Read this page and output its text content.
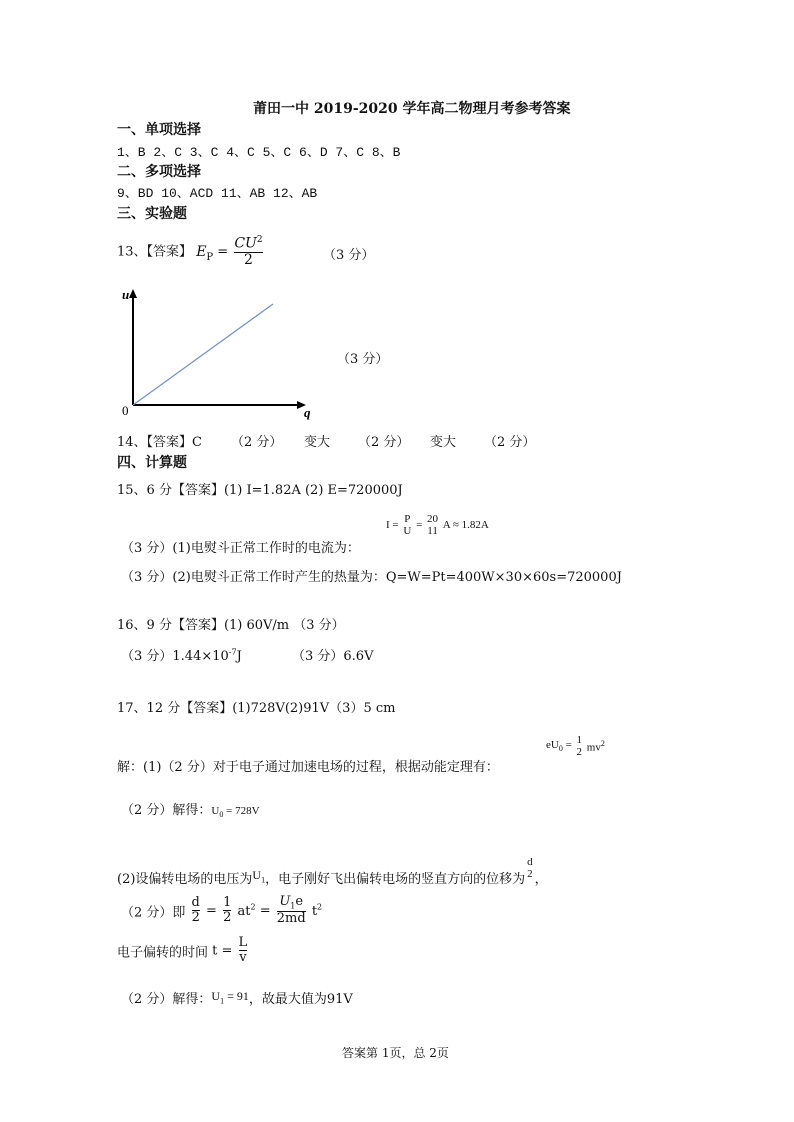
莆田一中 2019-2020 学年高二物理月考参考答案
一、单项选择
1、B 2、C 3、C 4、C 5、C 6、D 7、C 8、B
二、多项选择
9、BD 10、ACD 11、AB 12、AB
三、实验题
13、【答案】 $E_P = \frac{CU^2}{2}$	（3 分）
u
q
0
（3 分）
14、【答案】C （2 分） 变大 （2 分） 变大 （2 分）
四、计算题
15、6 分【答案】(1) I=1.82A (2) E=720000J
（3 分）(1)电熨斗正常工作时的电流为：
I =
P
U =
20
11 A ≈ 1.82A
（3 分）(2)电熨斗正常工作时产生的热量为：Q=W=Pt=400W×30×60s=720000J
16、9 分【答案】(1) 60V/m （3 分）
（3 分）$1.44\times 10^{-7}J$	（3 分）6.6V
17、12 分【答案】(1)728V(2)91V（3）5 cm
解：(1)（2 分）对于电子通过加速电场的过程，根据动能定理有：
$eU_0 = 1$
2 $mv^2$
（2 分）解得：$U_0 = 728V$
(2)设偏转电场的电压为$U_1$，电子刚好飞出偏转电场的竖直方向的位移为
d
2 ，
（2 分）即 $\frac{d}{2} = \frac{1}{2} at^2 = \frac{U_1e}{2md} t^2$
电子偏转的时间 $t = \frac{L}{v}$
（2 分）解得：$U_1 = 91$，故最大值为91V
答案第 1页，总 2页
